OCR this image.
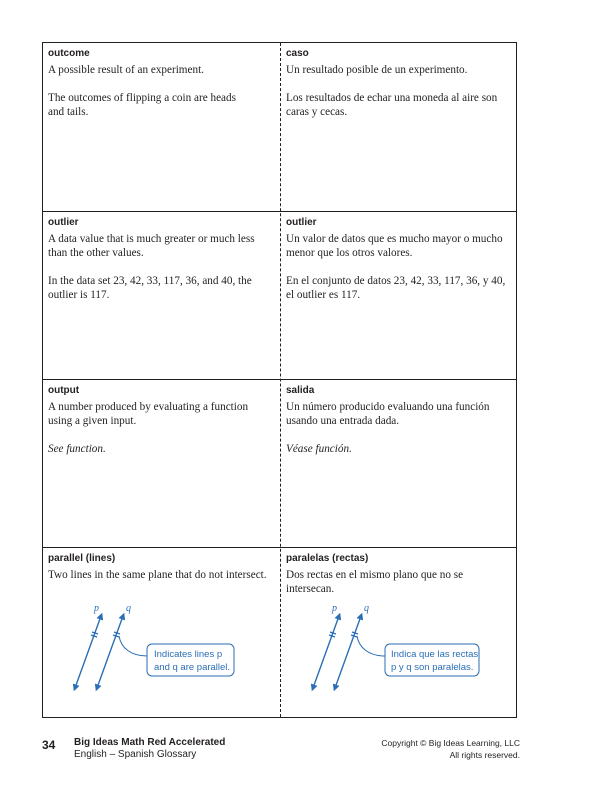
outcome

A possible result of an experiment.

The outcomes of flipping a coin are heads and tails.

caso

Un resultado posible de un experimento.

Los resultados de echar una moneda al aire son caras y cecas.

outlier

A data value that is much greater or much less than the other values.

In the data set 23, 42, 33, 117, 36, and 40, the outlier is 117.

outlier

Un valor de datos que es mucho mayor o mucho menor que los otros valores.

En el conjunto de datos 23, 42, 33, 117, 36, y 40, el outlier es 117.

output

A number produced by evaluating a function using a given input.

See function.

salida

Un número producido evaluando una función usando una entrada dada.

Véase función.

parallel (lines)

Two lines in the same plane that do not intersect.

p	q
Indicates lines p
and q are parallel.
paralelas (rectas)

Dos rectas en el mismo plano que no se intersecan.

p	q
Indica que las rectas
p y q son paralelas.
34 Big Ideas Math Red Accelerated
English – Spanish Glossary
Copyright © Big Ideas Learning, LLC
All rights reserved.
